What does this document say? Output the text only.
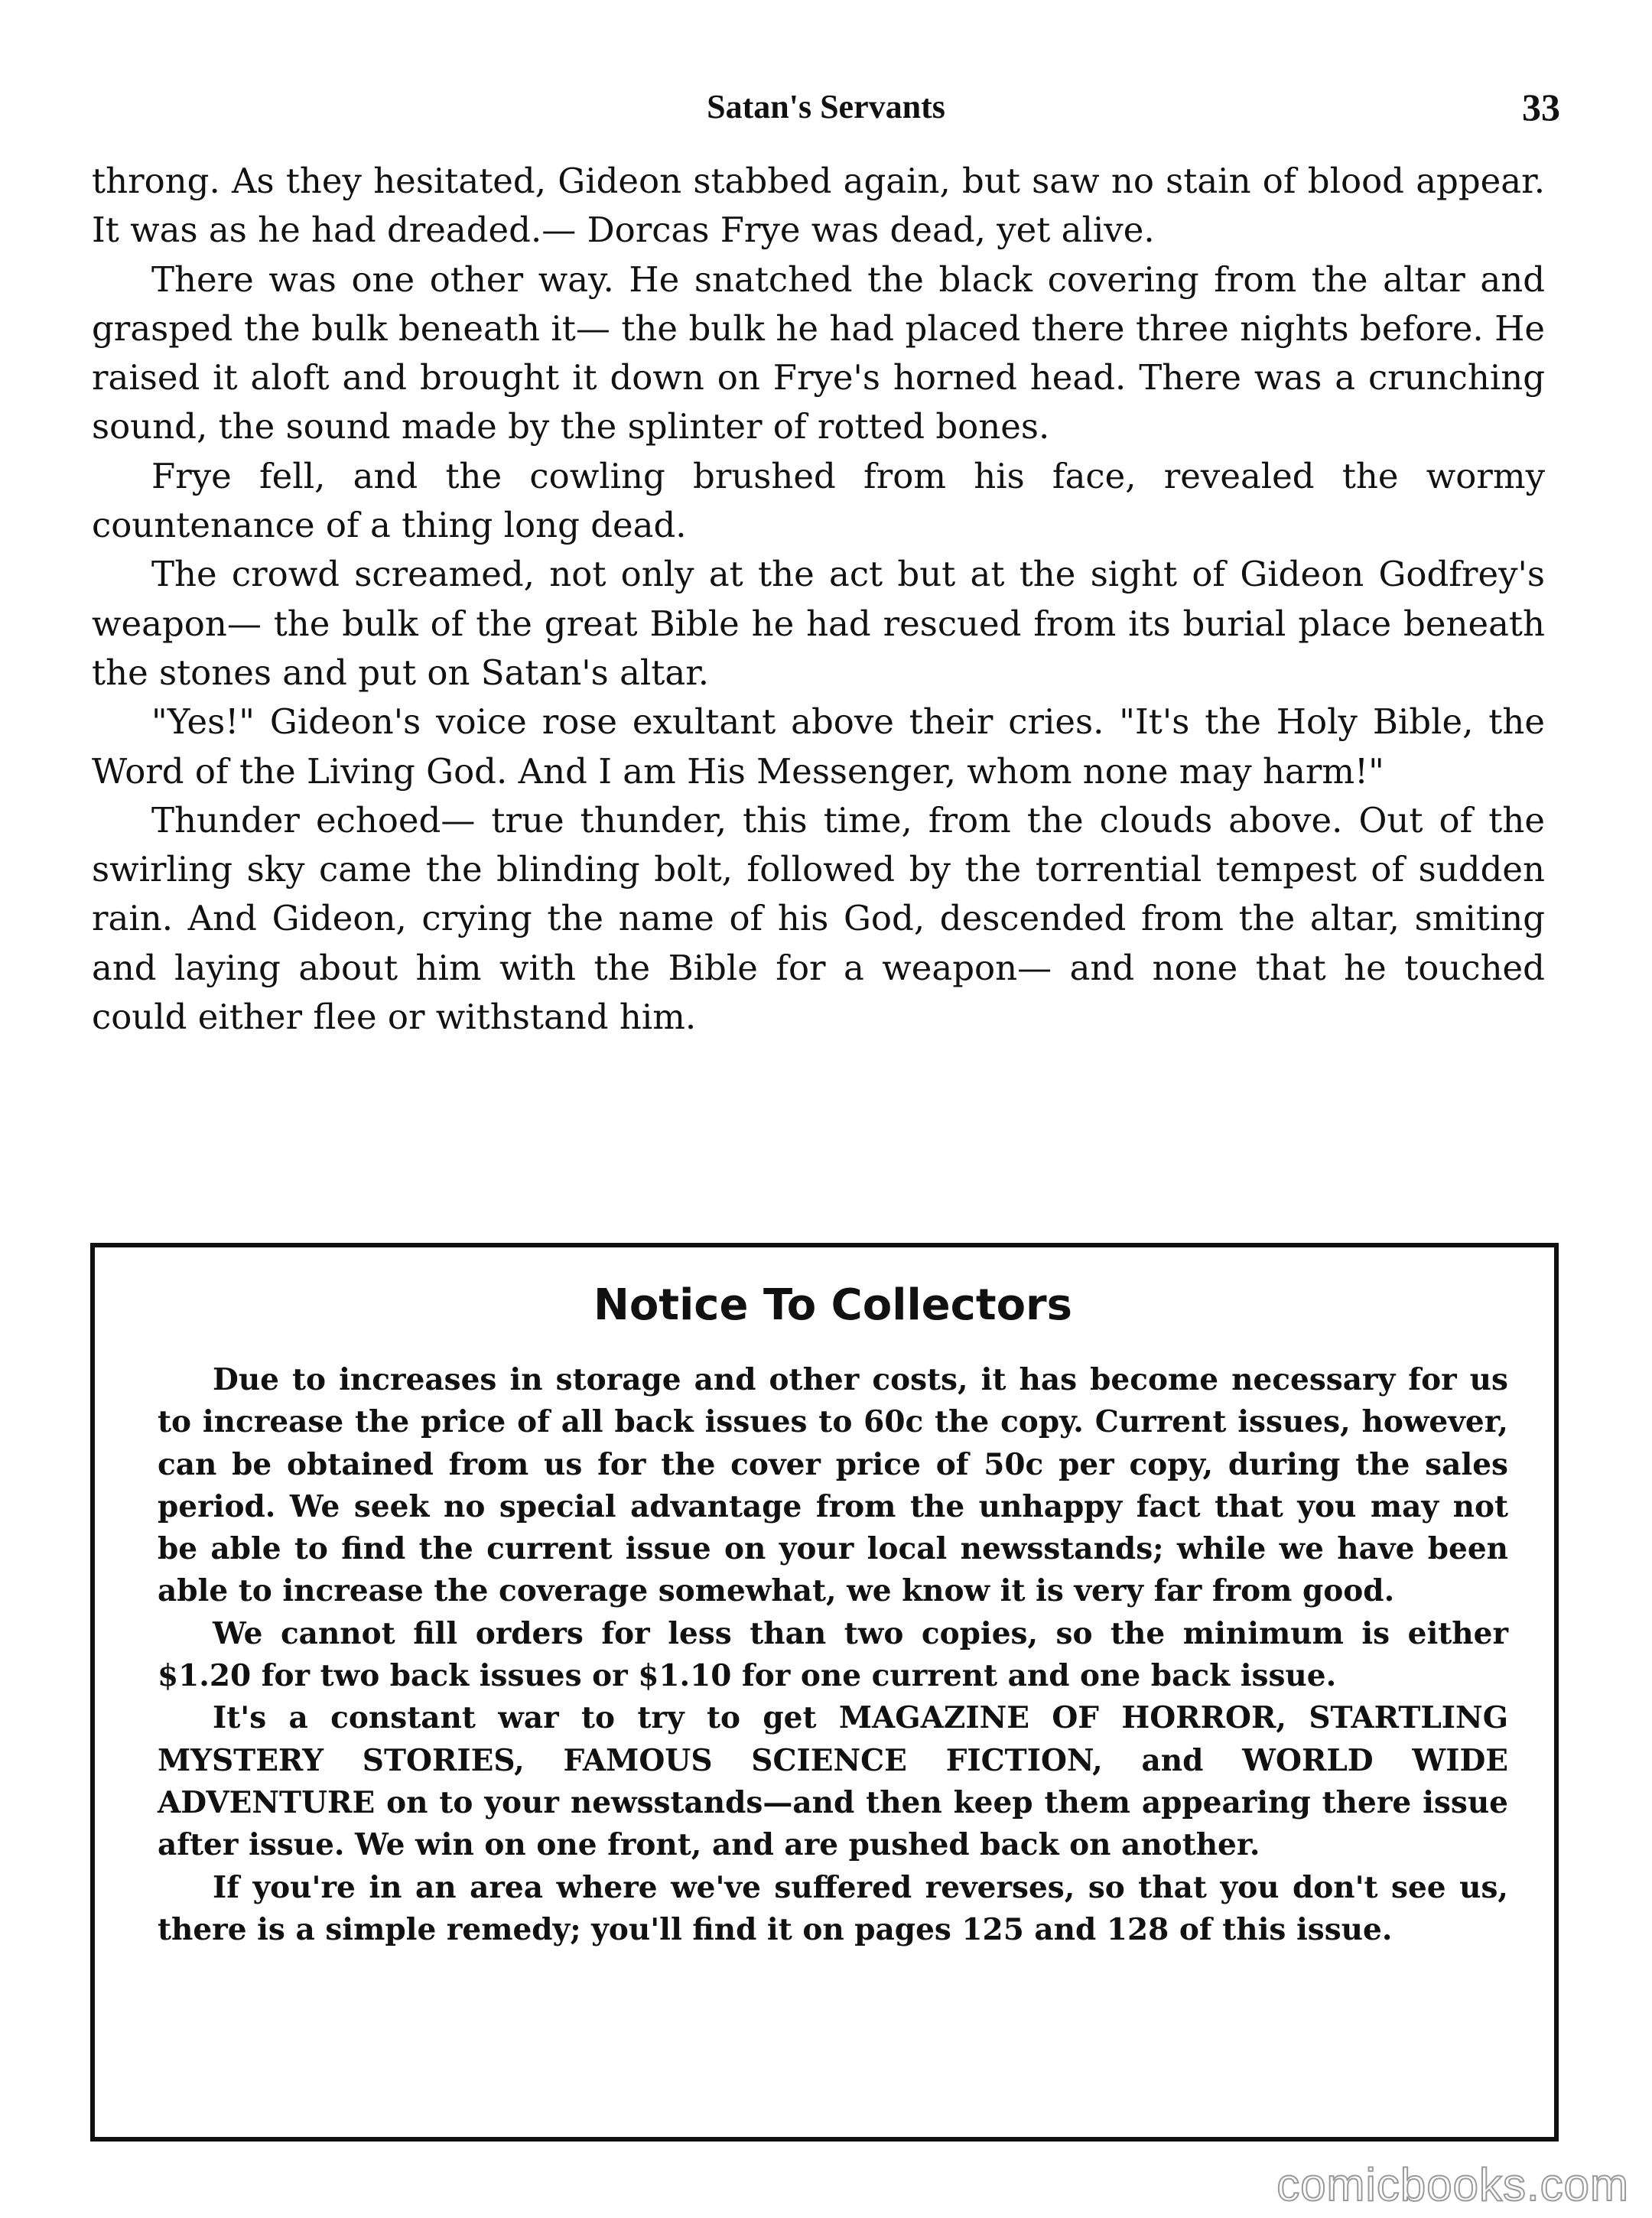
Satan's Servants	33

throng. As they hesitated, Gideon stabbed again, but saw no stain of blood appear. It was as he had dreaded.— Dorcas Frye was dead, yet alive.

There was one other way. He snatched the black covering from the altar and grasped the bulk beneath it— the bulk he had placed there three nights before. He raised it aloft and brought it down on Frye's horned head. There was a crunching sound, the sound made by the splinter of rotted bones.

Frye fell, and the cowling brushed from his face, revealed the wormy countenance of a thing long dead.

The crowd screamed, not only at the act but at the sight of Gideon Godfrey's weapon— the bulk of the great Bible he had rescued from its burial place beneath the stones and put on Satan's altar.

"Yes!" Gideon's voice rose exultant above their cries. "It's the Holy Bible, the Word of the Living God. And I am His Messenger, whom none may harm!"

Thunder echoed— true thunder, this time, from the clouds above. Out of the swirling sky came the blinding bolt, followed by the torrential tempest of sudden rain. And Gideon, crying the name of his God, descended from the altar, smiting and laying about him with the Bible for a weapon— and none that he touched could either flee or withstand him.

Notice To Collectors

Due to increases in storage and other costs, it has become necessary for us to increase the price of all back issues to 60c the copy. Current issues, however, can be obtained from us for the cover price of 50c per copy, during the sales period. We seek no special advantage from the unhappy fact that you may not be able to find the current issue on your local newsstands; while we have been able to increase the coverage somewhat, we know it is very far from good.

We cannot fill orders for less than two copies, so the minimum is either $1.20 for two back issues or $1.10 for one current and one back issue.

It's a constant war to try to get MAGAZINE OF HORROR, STARTLING MYSTERY STORIES, FAMOUS SCIENCE FICTION, and WORLD WIDE ADVENTURE on to your newsstands—and then keep them appearing there issue after issue. We win on one front, and are pushed back on another.

If you're in an area where we've suffered reverses, so that you don't see us, there is a simple remedy; you'll find it on pages 125 and 128 of this issue.

comicbooks.com
